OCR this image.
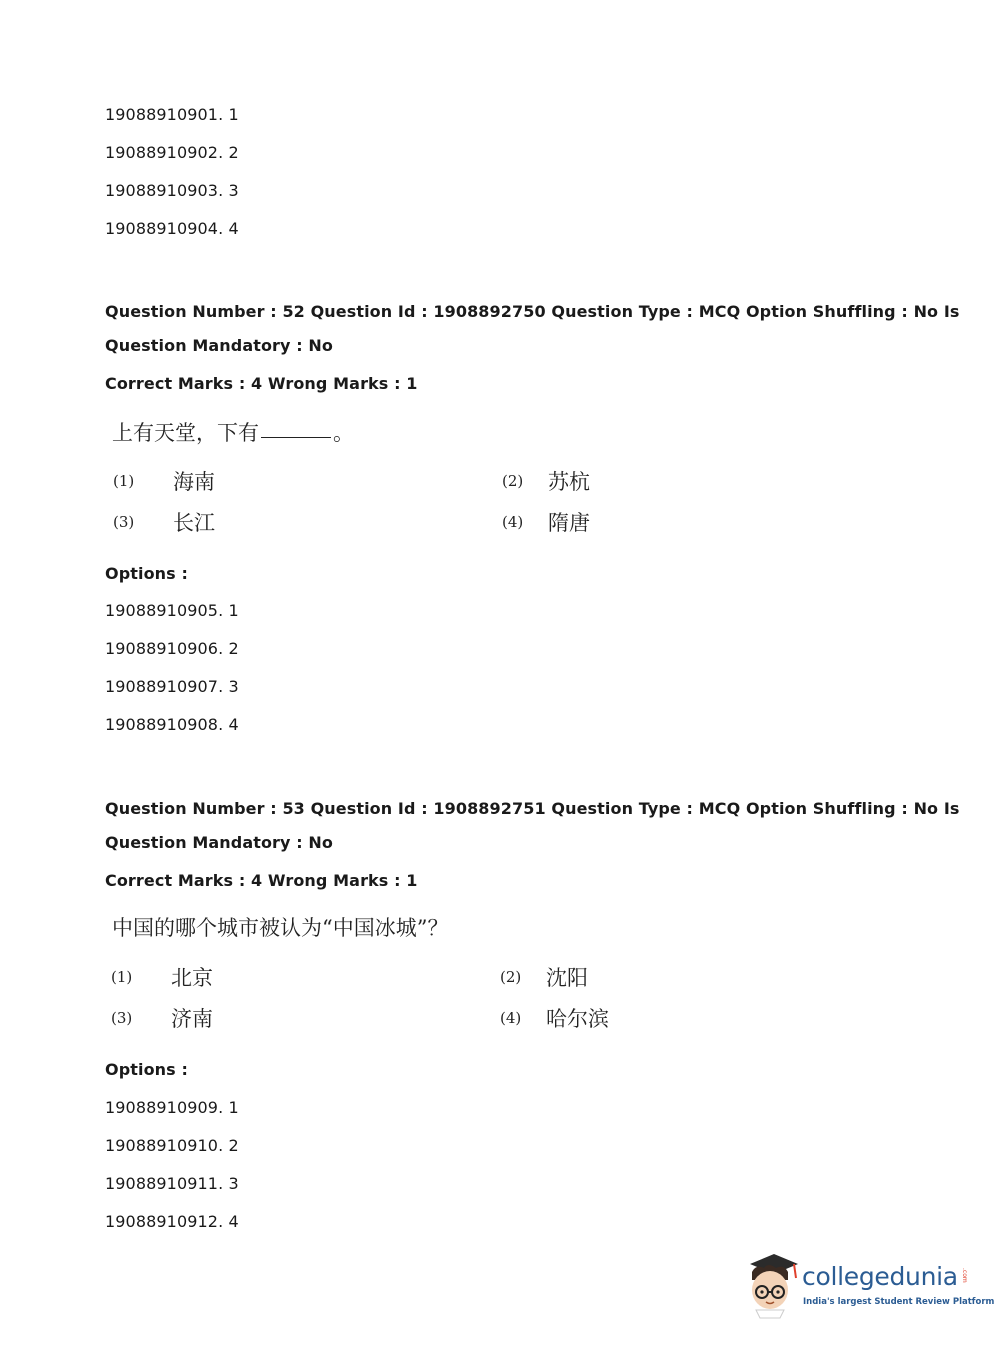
19088910901. 1
19088910902. 2
19088910903. 3
19088910904. 4
Question Number : 52 Question Id : 1908892750 Question Type : MCQ Option Shuffling : No Is
Question Mandatory : No
Correct Marks : 4 Wrong Marks : 1
上有天堂，下有	。
(1) 海南	(2) 苏杭
(3) 长江	(4) 隋唐
Options :
19088910905. 1
19088910906. 2
19088910907. 3
19088910908. 4
Question Number : 53 Question Id : 1908892751 Question Type : MCQ Option Shuffling : No Is
Question Mandatory : No
Correct Marks : 4 Wrong Marks : 1
中国的哪个城市被认为“中国冰城”？
(1) 北京	(2) 沈阳
(3) 济南	(4) 哈尔滨
Options :
19088910909. 1
19088910910. 2
19088910911. 3
19088910912. 4
collegedunia .com
India's largest Student Review Platform
